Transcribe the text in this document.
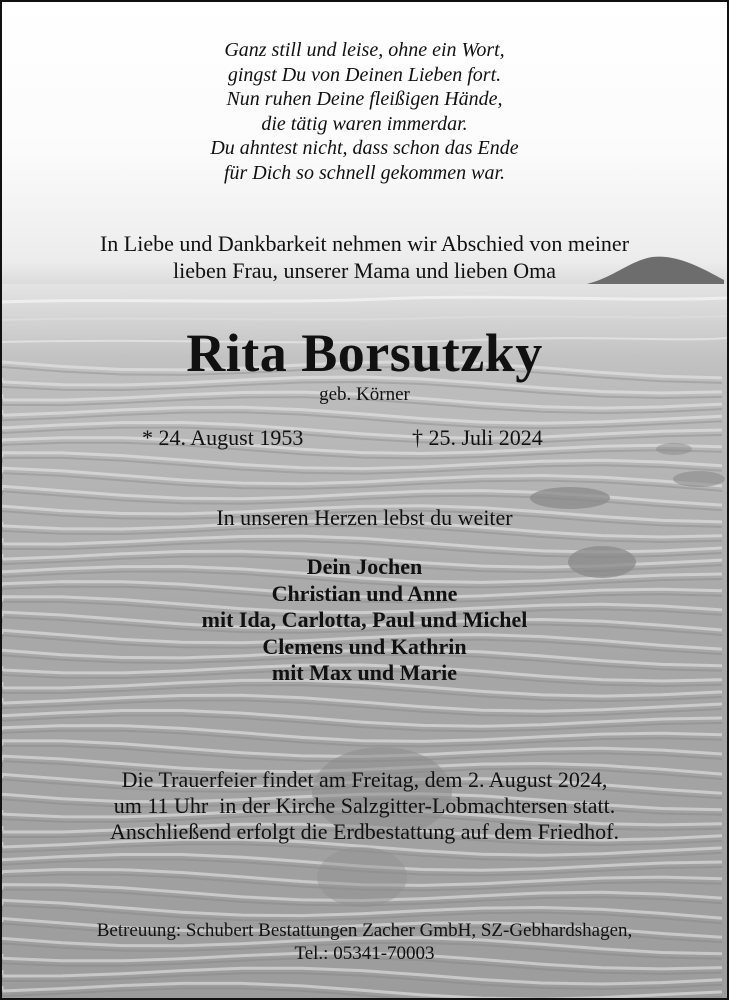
Ganz still und leise, ohne ein Wort,
gingst Du von Deinen Lieben fort.
Nun ruhen Deine fleißigen Hände,
die tätig waren immerdar.
Du ahntest nicht, dass schon das Ende
für Dich so schnell gekommen war.
In Liebe und Dankbarkeit nehmen wir Abschied von meiner
lieben Frau, unserer Mama und lieben Oma
Rita Borsutzky
geb. Körner
* 24. August 1953	† 25. Juli 2024
In unseren Herzen lebst du weiter
Dein Jochen
Christian und Anne
mit Ida, Carlotta, Paul und Michel
Clemens und Kathrin
mit Max und Marie
Die Trauerfeier findet am Freitag, dem 2. August 2024,
um 11 Uhr  in der Kirche Salzgitter-Lobmachtersen statt.
Anschließend erfolgt die Erdbestattung auf dem Friedhof.
Betreuung: Schubert Bestattungen Zacher GmbH, SZ-Gebhardshagen,
Tel.: 05341-70003
